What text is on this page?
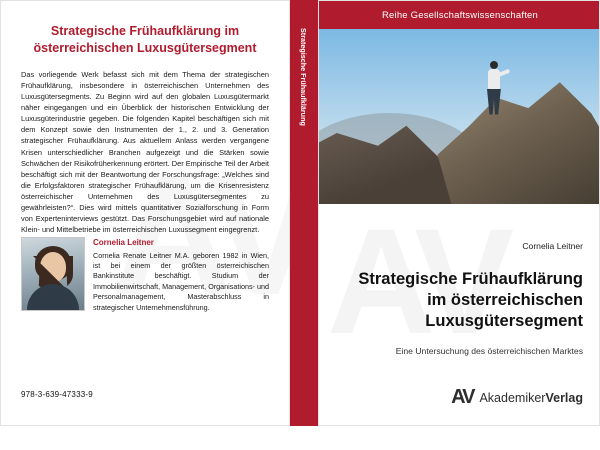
Strategische Frühaufklärung im österreichischen Luxusgütersegment
Das vorliegende Werk befasst sich mit dem Thema der strategischen Frühaufklärung, insbesondere in österreichischen Unternehmen des Luxusgütersegments. Zu Beginn wird auf den globalen Luxusgütermarkt näher eingegangen und ein Überblick der historischen Entwicklung der Luxusgüterindustrie gegeben. Die folgenden Kapitel beschäftigen sich mit dem Konzept sowie den Instrumenten der 1., 2. und 3. Generation strategischer Frühaufklärung. Aus aktuellem Anlass werden vergangene Krisen unterschiedlicher Branchen aufgezeigt und die Stärken sowie Schwächen der Risikofrüherkennung erörtert. Der Empirische Teil der Arbeit beschäftigt sich mit der Beantwortung der Forschungsfrage: „Welches sind die Erfolgsfaktoren strategischer Frühaufklärung, um die Krisenresistenz österreichischer Unternehmen des Luxusgütersegmentes zu gewährleisten?“. Dies wird mittels quantitativer Sozialforschung in Form von Experteninterviews gestützt. Das Forschungsgebiet wird auf nationale Klein- und Mittelbetriebe im österreichischen Luxussegment eingegrenzt.
Cornelia Leitner
Cornelia Renate Leitner M.A. geboren 1982 in Wien, ist bei einem der größten österreichischen Bankinstitute beschäftigt. Studium der Immobilienwirtschaft, Management, Organisations- und Personalmanagement, Masterabschluss in strategischer Unternehmensführung.
978-3-639-47333-9
Strategische Frühaufklärung
Reihe Gesellschaftswissenschaften
Cornelia Leitner
Strategische Frühaufklärung im österreichischen Luxusgütersegment
Eine Untersuchung des österreichischen Marktes
AV AkademikerVerlag
